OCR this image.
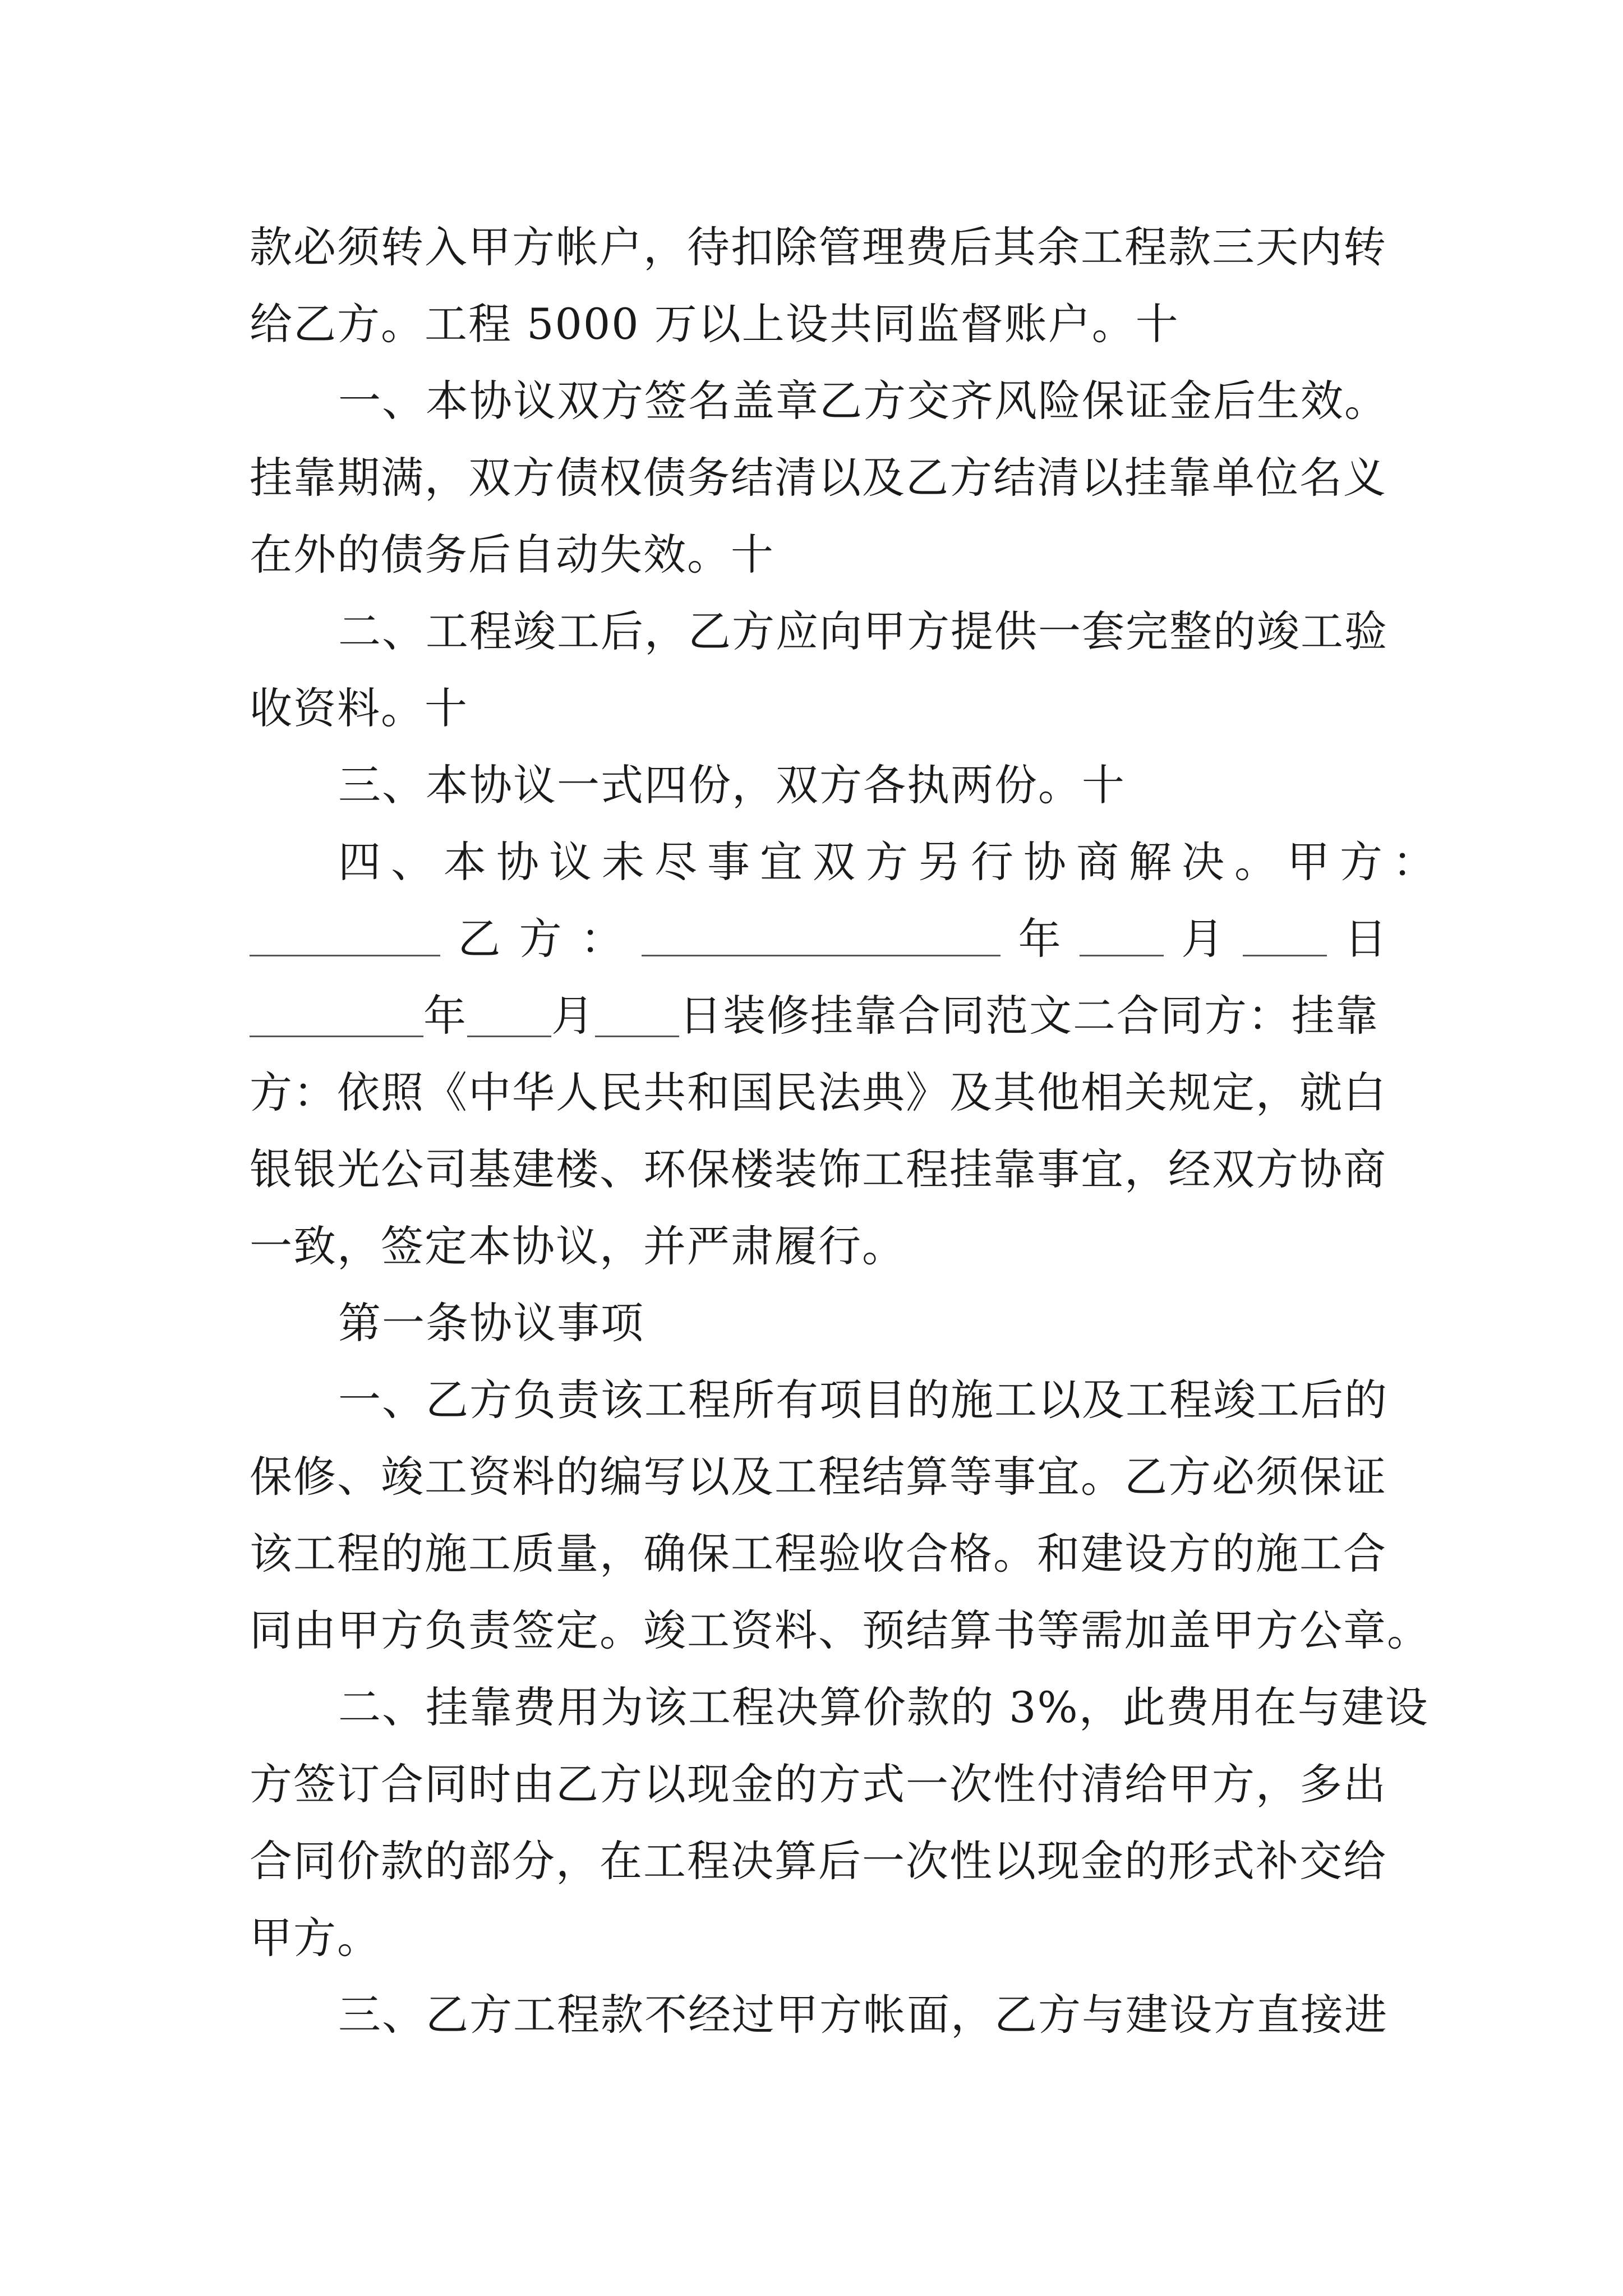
款必须转入甲方帐户，待扣除管理费后其余工程款三天内转
给乙方。工程 5000 万以上设共同监督账户。十
一、本协议双方签名盖章乙方交齐风险保证金后生效。
挂靠期满，双方债权债务结清以及乙方结清以挂靠单位名义
在外的债务后自动失效。十
二、工程竣工后，乙方应向甲方提供一套完整的竣工验
收资料。十
三、本协议一式四份，双方各执两份。十
四、本协议未尽事宜双方另行协商解决。甲方：
乙 方 ：	年	月	日
年 月 日装修挂靠合同范文二合同方：挂靠
方：依照《中华人民共和国民法典》及其他相关规定，就白
银银光公司基建楼、环保楼装饰工程挂靠事宜，经双方协商
一致，签定本协议，并严肃履行。
第一条协议事项
一、乙方负责该工程所有项目的施工以及工程竣工后的
保修、竣工资料的编写以及工程结算等事宜。乙方必须保证
该工程的施工质量，确保工程验收合格。和建设方的施工合
同由甲方负责签定。竣工资料、预结算书等需加盖甲方公章。
二、挂靠费用为该工程决算价款的 3%，此费用在与建设
方签订合同时由乙方以现金的方式一次性付清给甲方，多出
合同价款的部分，在工程决算后一次性以现金的形式补交给
甲方。
三、乙方工程款不经过甲方帐面，乙方与建设方直接进
